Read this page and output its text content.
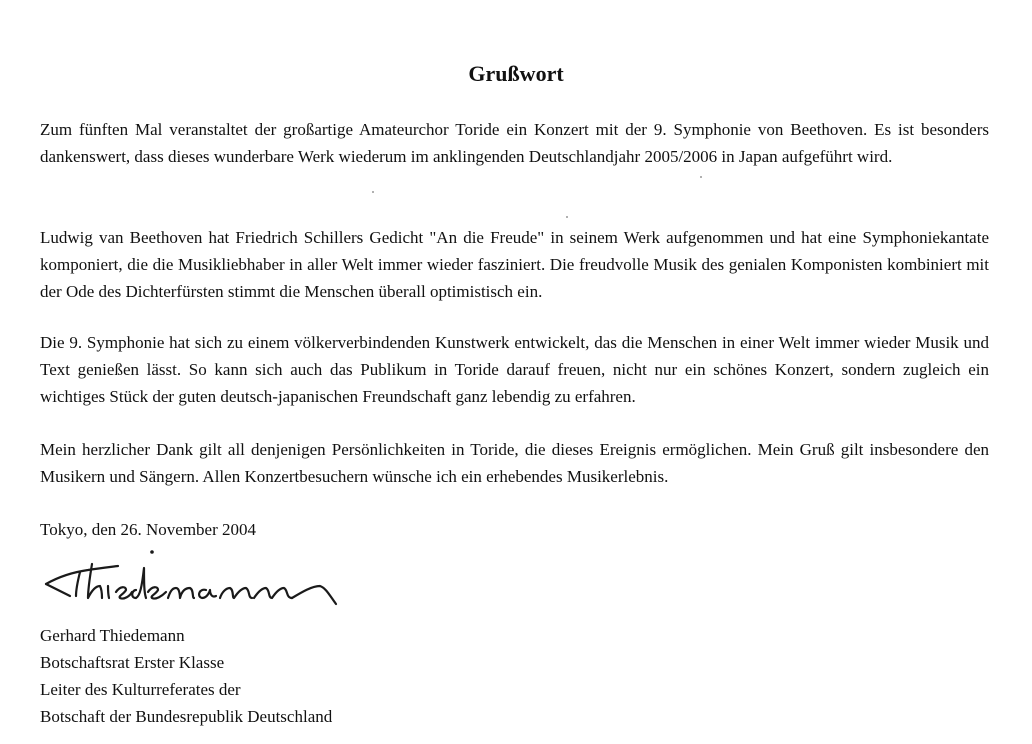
Grußwort

Zum fünften Mal veranstaltet der großartige Amateurchor Toride ein Konzert mit der 9. Symphonie von Beethoven. Es ist besonders dankenswert, dass dieses wunderbare Werk wiederum im anklingenden Deutschlandjahr 2005/2006 in Japan aufgeführt wird.

Ludwig van Beethoven hat Friedrich Schillers Gedicht "An die Freude" in seinem Werk aufgenommen und hat eine Symphoniekantate komponiert, die die Musikliebhaber in aller Welt immer wieder fasziniert. Die freudvolle Musik des genialen Komponisten kombiniert mit der Ode des Dichterfürsten stimmt die Menschen überall optimistisch ein.

Die 9. Symphonie hat sich zu einem völkerverbindenden Kunstwerk entwickelt, das die Menschen in einer Welt immer wieder Musik und Text genießen lässt. So kann sich auch das Publikum in Toride darauf freuen, nicht nur ein schönes Konzert, sondern zugleich ein wichtiges Stück der guten deutsch-japanischen Freundschaft ganz lebendig zu erfahren.

Mein herzlicher Dank gilt all denjenigen Persönlichkeiten in Toride, die dieses Ereignis ermöglichen. Mein Gruß gilt insbesondere den Musikern und Sängern. Allen Konzertbesuchern wünsche ich ein erhebendes Musikerlebnis.

Tokyo, den 26. November 2004
Gerhard Thiedemann
Botschaftsrat Erster Klasse
Leiter des Kulturreferates der
Botschaft der Bundesrepublik Deutschland
